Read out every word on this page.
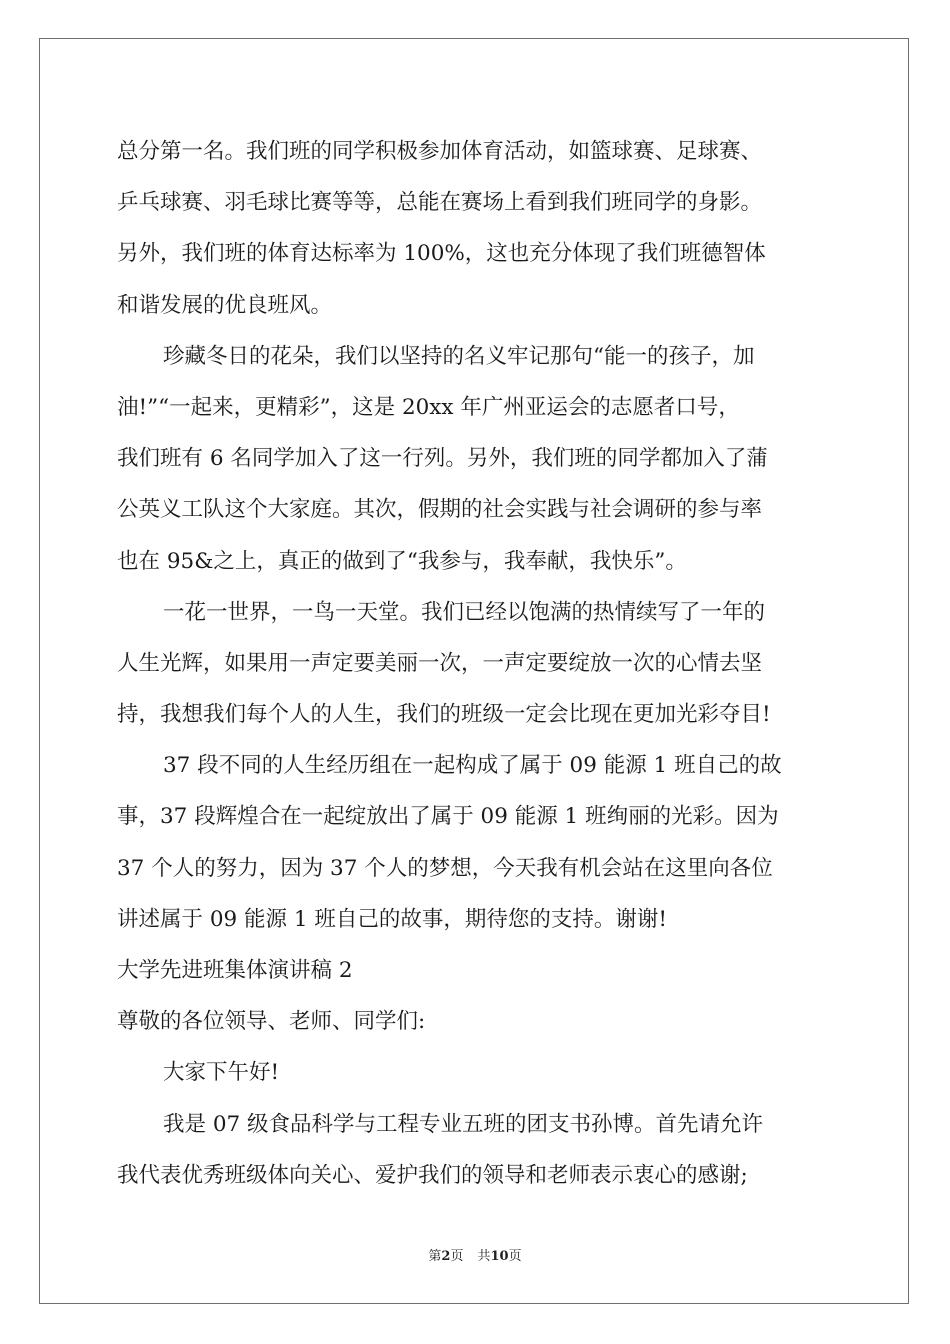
总分第一名。我们班的同学积极参加体育活动，如篮球赛、足球赛、
乒乓球赛、羽毛球比赛等等，总能在赛场上看到我们班同学的身影。
另外，我们班的体育达标率为 100%，这也充分体现了我们班德智体
和谐发展的优良班风。
珍藏冬日的花朵，我们以坚持的名义牢记那句“能一的孩子，加
油!”“一起来，更精彩”，这是 20xx 年广州亚运会的志愿者口号，
我们班有 6 名同学加入了这一行列。另外，我们班的同学都加入了蒲
公英义工队这个大家庭。其次，假期的社会实践与社会调研的参与率
也在 95&之上，真正的做到了“我参与，我奉献，我快乐”。
一花一世界，一鸟一天堂。我们已经以饱满的热情续写了一年的
人生光辉，如果用一声定要美丽一次，一声定要绽放一次的心情去坚
持，我想我们每个人的人生，我们的班级一定会比现在更加光彩夺目!
37 段不同的人生经历组在一起构成了属于 09 能源 1 班自己的故
事，37 段辉煌合在一起绽放出了属于 09 能源 1 班绚丽的光彩。因为
37 个人的努力，因为 37 个人的梦想，今天我有机会站在这里向各位
讲述属于 09 能源 1 班自己的故事，期待您的支持。谢谢!
大学先进班集体演讲稿 2
尊敬的各位领导、老师、同学们:
大家下午好!
我是 07 级食品科学与工程专业五班的团支书孙博。首先请允许
我代表优秀班级体向关心、爱护我们的领导和老师表示衷心的感谢;
第2页 共10页
